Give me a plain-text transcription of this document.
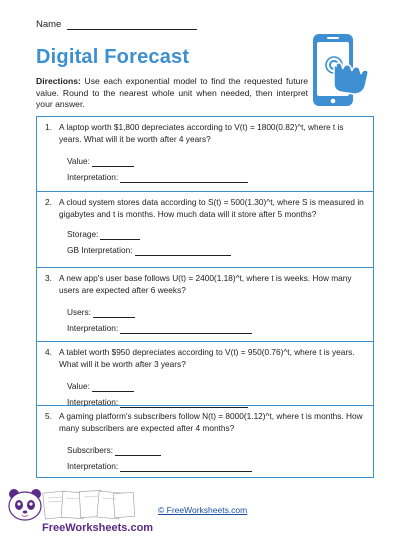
Name
Digital Forecast
Directions: Use each exponential model to find the requested future value. Round to the nearest whole unit when needed, then interpret your answer.
1. A laptop worth $1,800 depreciates according to V(t) = 1800(0.82)^t, where t is years. What will it be worth after 4 years?
Value:
Interpretation:
2. A cloud system stores data according to S(t) = 500(1.30)^t, where S is measured in gigabytes and t is months. How much data will it store after 5 months?
Storage:
GB Interpretation:
3. A new app's user base follows U(t) = 2400(1.18)^t, where t is weeks. How many users are expected after 6 weeks?
Users:
Interpretation:
4. A tablet worth $950 depreciates according to V(t) = 950(0.76)^t, where t is years. What will it be worth after 3 years?
Value:
Interpretation:
5. A gaming platform's subscribers follow N(t) = 8000(1.12)^t, where t is months. How many subscribers are expected after 4 months?
Subscribers:
Interpretation:
FreeWorksheets.com
© FreeWorksheets.com
